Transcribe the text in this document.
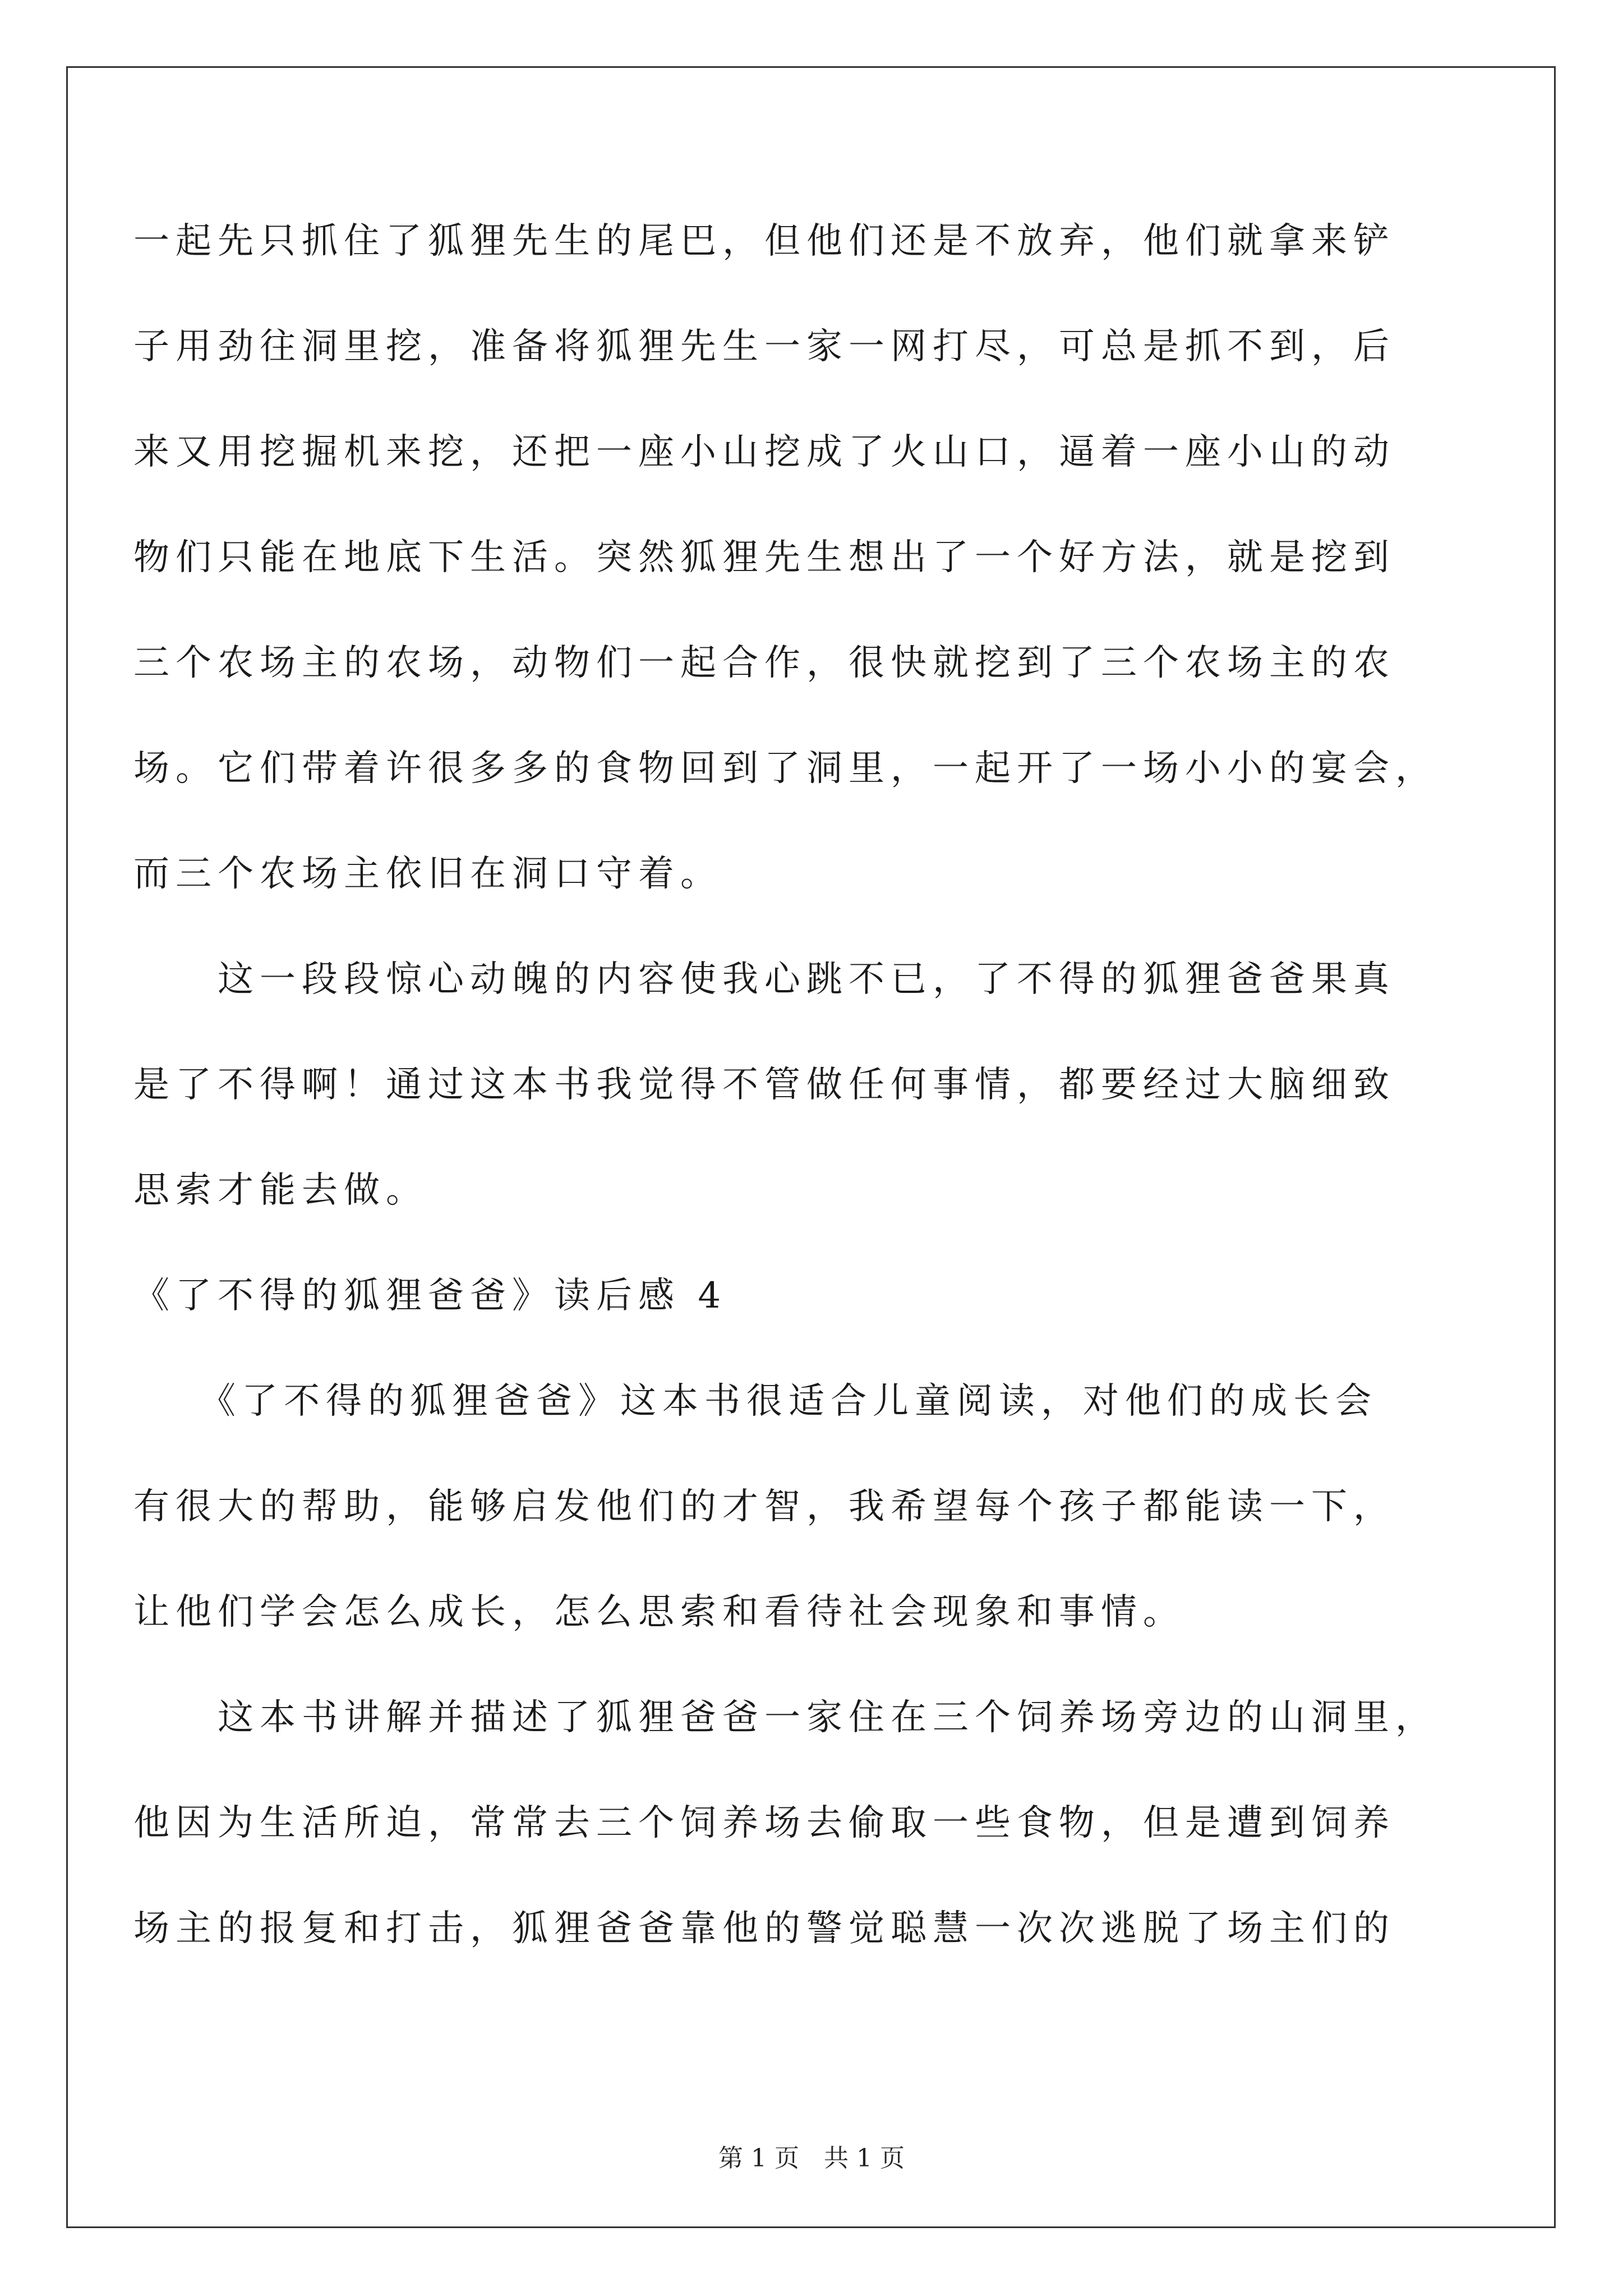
一起先只抓住了狐狸先生的尾巴，但他们还是不放弃，他们就拿来铲
子用劲往洞里挖，准备将狐狸先生一家一网打尽，可总是抓不到，后
来又用挖掘机来挖，还把一座小山挖成了火山口，逼着一座小山的动
物们只能在地底下生活。突然狐狸先生想出了一个好方法，就是挖到
三个农场主的农场，动物们一起合作，很快就挖到了三个农场主的农
场。它们带着许很多多的食物回到了洞里，一起开了一场小小的宴会，
而三个农场主依旧在洞口守着。
　　这一段段惊心动魄的内容使我心跳不已，了不得的狐狸爸爸果真
是了不得啊！通过这本书我觉得不管做任何事情，都要经过大脑细致
思索才能去做。
《了不得的狐狸爸爸》读后感 4
　　《了不得的狐狸爸爸》这本书很适合儿童阅读，对他们的成长会
有很大的帮助，能够启发他们的才智，我希望每个孩子都能读一下，
让他们学会怎么成长，怎么思索和看待社会现象和事情。
　　这本书讲解并描述了狐狸爸爸一家住在三个饲养场旁边的山洞里，
他因为生活所迫，常常去三个饲养场去偷取一些食物，但是遭到饲养
场主的报复和打击，狐狸爸爸靠他的警觉聪慧一次次逃脱了场主们的
第 1 页　共 1 页
